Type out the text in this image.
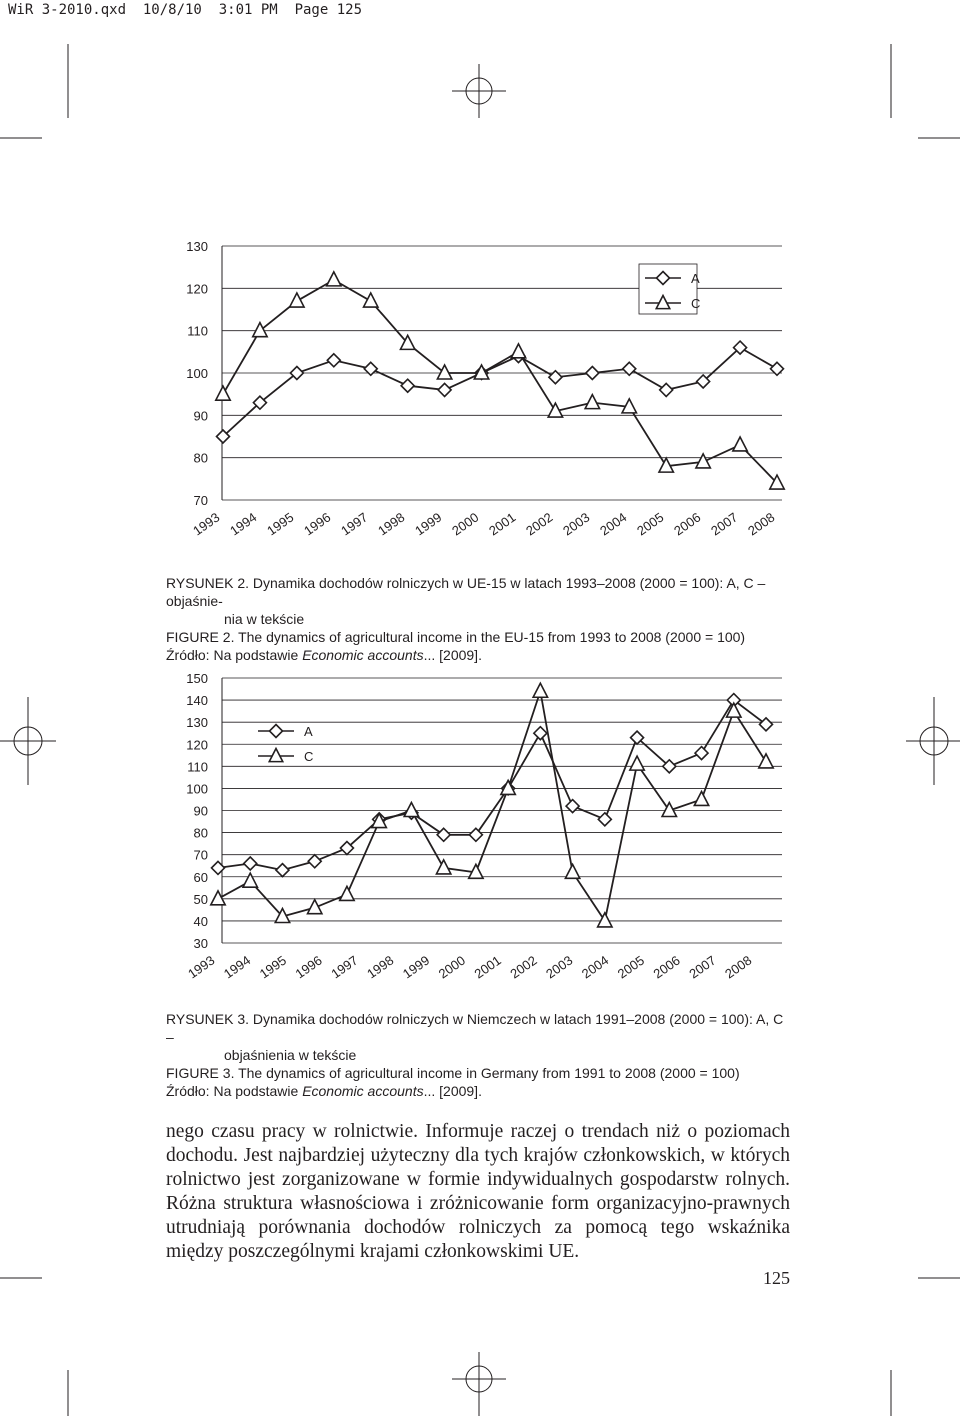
WiR 3-2010.qxd  10/8/10  3:01 PM  Page 125
130
120
110
100
90
80
70
1993 1994 1995 1996 1997 1998 1999 2000 2001 2002 2003 2004 2005 2006 2007 2008
A
C

RYSUNEK 2. Dynamika dochodów rolniczych w UE-15 w latach 1993–2008 (2000 = 100): A, C – objaśnie-

nia w tekście

FIGURE 2. The dynamics of agricultural income in the EU-15 from 1993 to 2008 (2000 = 100)

Źródło: Na podstawie Economic accounts... [2009].

150
140
130
120
110
100
90
80
70
60
50
40
30
1993 1994 1995 1996 1997 1998 1999 2000 2001 2002 2003 2004 2005 2006 2007 2008
A
C

RYSUNEK 3. Dynamika dochodów rolniczych w Niemczech w latach 1991–2008 (2000 = 100): A, C –

objaśnienia w tekście

FIGURE 3. The dynamics of agricultural income in Germany from 1991 to 2008 (2000 = 100)

Źródło: Na podstawie Economic accounts... [2009].

nego czasu pracy w rolnictwie. Informuje raczej o trendach niż o poziomach dochodu. Jest najbardziej użyteczny dla tych krajów członkowskich, w których rolnictwo jest zorganizowane w formie indywidualnych gospodarstw rolnych. Różna struktura własnościowa i zróżnicowanie form organizacyjno-prawnych utrudniają porównania dochodów rolniczych za pomocą tego wskaźnika między poszczególnymi krajami członkowskimi UE.

125
